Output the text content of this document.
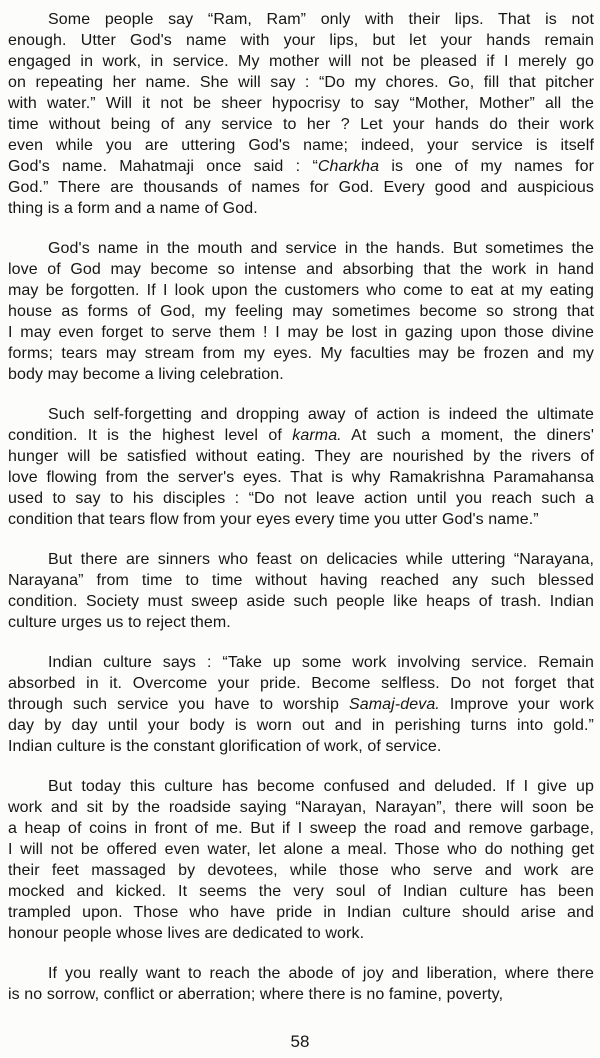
Some people say “Ram, Ram” only with their lips. That is not
enough. Utter God's name with your lips, but let your hands remain
engaged in work, in service. My mother will not be pleased if I merely go
on repeating her name. She will say : “Do my chores. Go, fill that pitcher
with water.” Will it not be sheer hypocrisy to say “Mother, Mother” all the
time without being of any service to her ? Let your hands do their work
even while you are uttering God's name; indeed, your service is itself
God's name. Mahatmaji once said : “Charkha is one of my names for
God.” There are thousands of names for God. Every good and auspicious
thing is a form and a name of God.
God's name in the mouth and service in the hands. But sometimes the
love of God may become so intense and absorbing that the work in hand
may be forgotten. If I look upon the customers who come to eat at my eating
house as forms of God, my feeling may sometimes become so strong that
I may even forget to serve them ! I may be lost in gazing upon those divine
forms; tears may stream from my eyes. My faculties may be frozen and my
body may become a living celebration.
Such self-forgetting and dropping away of action is indeed the ultimate
condition. It is the highest level of karma. At such a moment, the diners'
hunger will be satisfied without eating. They are nourished by the rivers of
love flowing from the server's eyes. That is why Ramakrishna Paramahansa
used to say to his disciples : “Do not leave action until you reach such a
condition that tears flow from your eyes every time you utter God's name.”
But there are sinners who feast on delicacies while uttering “Narayana,
Narayana” from time to time without having reached any such blessed
condition. Society must sweep aside such people like heaps of trash. Indian
culture urges us to reject them.
Indian culture says : “Take up some work involving service. Remain
absorbed in it. Overcome your pride. Become selfless. Do not forget that
through such service you have to worship Samaj-deva. Improve your work
day by day until your body is worn out and in perishing turns into gold.”
Indian culture is the constant glorification of work, of service.
But today this culture has become confused and deluded. If I give up
work and sit by the roadside saying “Narayan, Narayan”, there will soon be
a heap of coins in front of me. But if I sweep the road and remove garbage,
I will not be offered even water, let alone a meal. Those who do nothing get
their feet massaged by devotees, while those who serve and work are
mocked and kicked. It seems the very soul of Indian culture has been
trampled upon. Those who have pride in Indian culture should arise and
honour people whose lives are dedicated to work.
If you really want to reach the abode of joy and liberation, where there
is no sorrow, conflict or aberration; where there is no famine, poverty,
58
